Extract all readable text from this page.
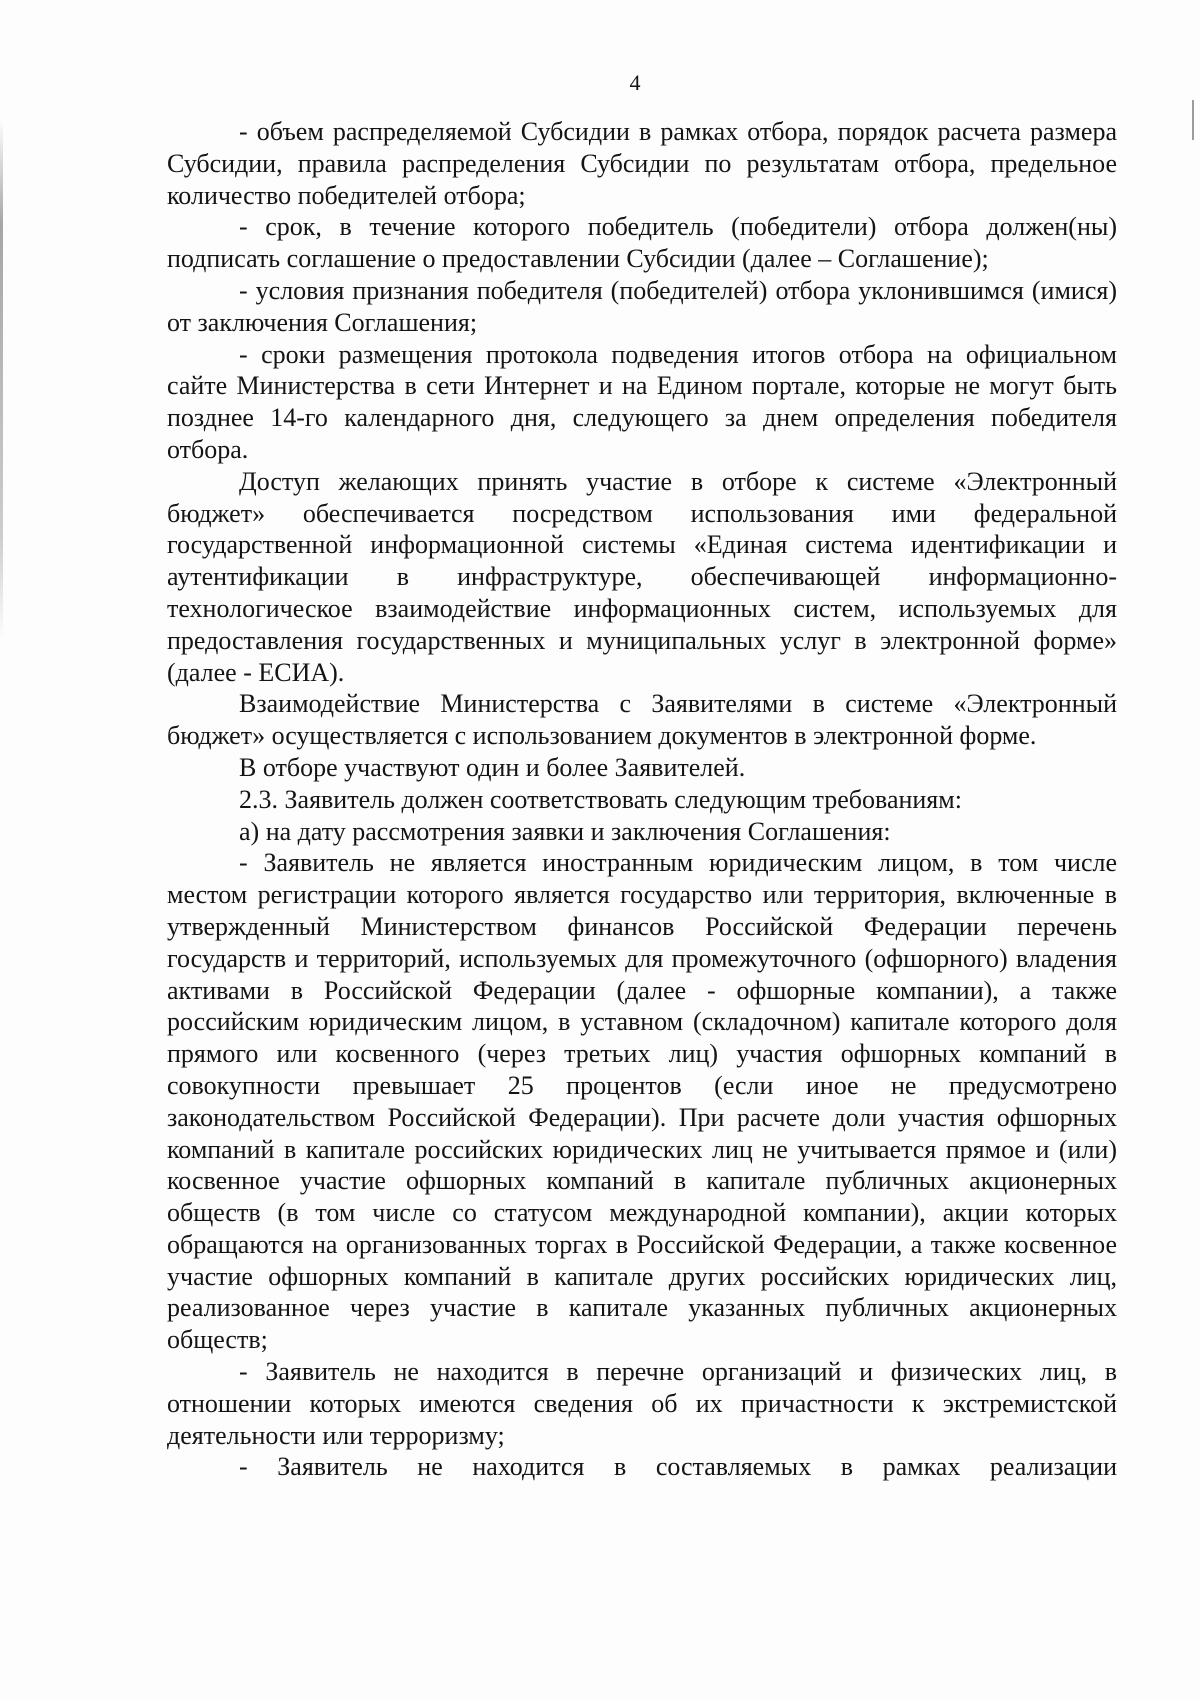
4

- объем распределяемой Субсидии в рамках отбора, порядок расчета размера Субсидии, правила распределения Субсидии по результатам отбора, предельное количество победителей отбора;

- срок, в течение которого победитель (победители) отбора должен(ны) подписать соглашение о предоставлении Субсидии (далее – Соглашение);

- условия признания победителя (победителей) отбора уклонившимся (имися) от заключения Соглашения;

- сроки размещения протокола подведения итогов отбора на официальном сайте Министерства в сети Интернет и на Едином портале, которые не могут быть позднее 14-го календарного дня, следующего за днем определения победителя отбора.

Доступ желающих принять участие в отборе к системе «Электронный бюджет» обеспечивается посредством использования ими федеральной государственной информационной системы «Единая система идентификации и аутентификации в инфраструктуре, обеспечивающей информационно-технологическое взаимодействие информационных систем, используемых для предоставления государственных и муниципальных услуг в электронной форме» (далее - ЕСИА).

Взаимодействие Министерства с Заявителями в системе «Электронный бюджет» осуществляется с использованием документов в электронной форме.

В отборе участвуют один и более Заявителей.

2.3. Заявитель должен соответствовать следующим требованиям:

а) на дату рассмотрения заявки и заключения Соглашения:

- Заявитель не является иностранным юридическим лицом, в том числе местом регистрации которого является государство или территория, включенные в утвержденный Министерством финансов Российской Федерации перечень государств и территорий, используемых для промежуточного (офшорного) владения активами в Российской Федерации (далее - офшорные компании), а также российским юридическим лицом, в уставном (складочном) капитале которого доля прямого или косвенного (через третьих лиц) участия офшорных компаний в совокупности превышает 25 процентов (если иное не предусмотрено законодательством Российской Федерации). При расчете доли участия офшорных компаний в капитале российских юридических лиц не учитывается прямое и (или) косвенное участие офшорных компаний в капитале публичных акционерных обществ (в том числе со статусом международной компании), акции которых обращаются на организованных торгах в Российской Федерации, а также косвенное участие офшорных компаний в капитале других российских юридических лиц, реализованное через участие в капитале указанных публичных акционерных обществ;

- Заявитель не находится в перечне организаций и физических лиц, в отношении которых имеются сведения об их причастности к экстремистской деятельности или терроризму;

- Заявитель не находится в составляемых в рамках реализации
